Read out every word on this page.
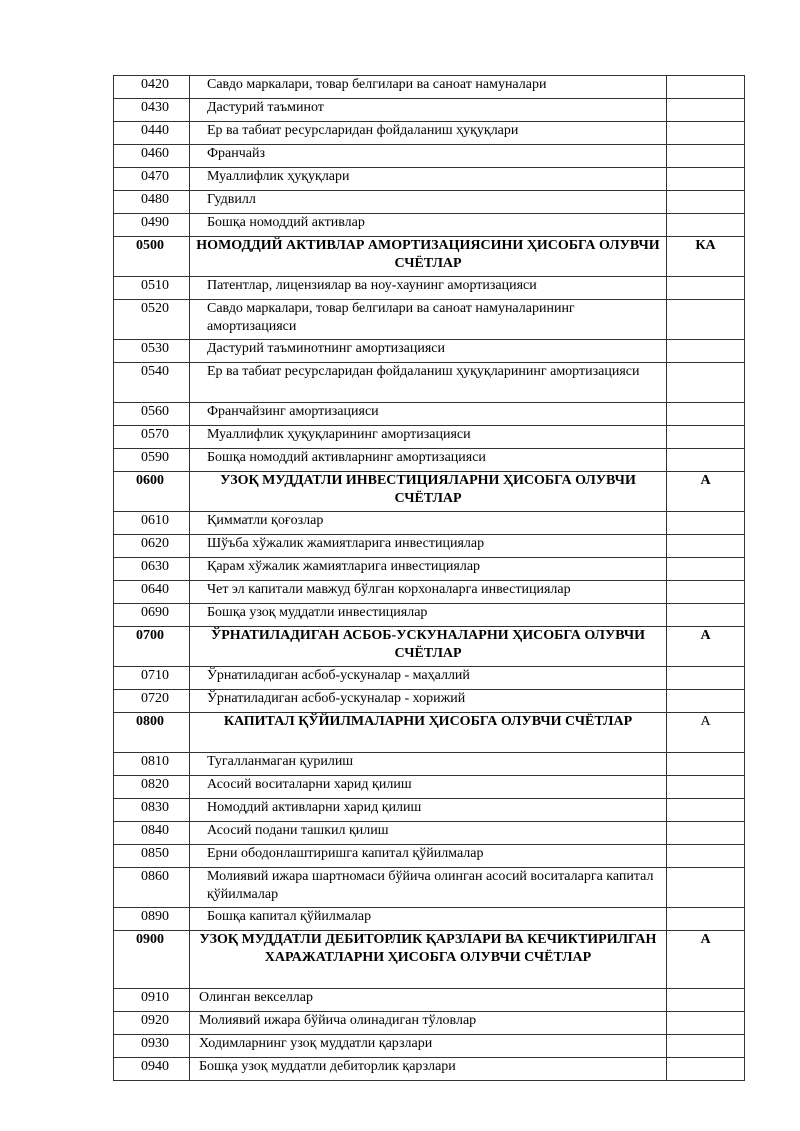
0420	Савдо маркалари, товар белгилари ва саноат намуналари	
0430	Дастурий таъминот	
0440	Ер ва табиат ресурсларидан фойдаланиш ҳуқуқлари	
0460	Франчайз	
0470	Муаллифлик ҳуқуқлари	
0480	Гудвилл	
0490	Бошқа номоддий активлар	
0500	НОМОДДИЙ АКТИВЛАР АМОРТИЗАЦИЯСИНИ ҲИСОБГА ОЛУВЧИ СЧЁТЛАР	КА
0510	Патентлар, лицензиялар ва ноу-хаунинг амортизацияси	
0520	Савдо маркалари, товар белгилари ва саноат намуналарининг амортизацияси	
0530	Дастурий таъминотнинг амортизацияси	
0540	Ер ва табиат ресурсларидан фойдаланиш ҳуқуқларининг амортизацияси	
0560	Франчайзинг амортизацияси	
0570	Муаллифлик ҳуқуқларининг амортизацияси	
0590	Бошқа номоддий активларнинг амортизацияси	
0600	УЗОҚ МУДДАТЛИ ИНВЕСТИЦИЯЛАРНИ ҲИСОБГА ОЛУВЧИ СЧЁТЛАР	А
0610	Қимматли қоғозлар	
0620	Шўъба хўжалик жамиятларига инвестициялар	
0630	Қарам хўжалик жамиятларига инвестициялар	
0640	Чет эл капитали мавжуд бўлган корхоналарга инвестициялар	
0690	Бошқа узоқ муддатли инвестициялар	
0700	ЎРНАТИЛАДИГАН АСБОБ-УСКУНАЛАРНИ ҲИСОБГА ОЛУВЧИ СЧЁТЛАР	А
0710	Ўрнатиладиган асбоб-ускуналар - маҳаллий	
0720	Ўрнатиладиган асбоб-ускуналар - хорижий	
0800	КАПИТАЛ ҚЎЙИЛМАЛАРНИ ҲИСОБГА ОЛУВЧИ СЧЁТЛАР	А
0810	Тугалланмаган қурилиш	
0820	Асосий воситаларни харид қилиш	
0830	Номоддий активларни харид қилиш	
0840	Асосий подани ташкил қилиш	
0850	Ерни ободонлаштиришга капитал қўйилмалар	
0860	Молиявий ижара шартномаси бўйича олинган асосий воситаларга капитал қўйилмалар	
0890	Бошқа капитал қўйилмалар	
0900	УЗОҚ МУДДАТЛИ ДЕБИТОРЛИК ҚАРЗЛАРИ ВА КЕЧИКТИРИЛГАН ХАРАЖАТЛАРНИ ҲИСОБГА ОЛУВЧИ СЧЁТЛАР	А
0910	Олинган векселлар	
0920	Молиявий ижара бўйича олинадиган тўловлар	
0930	Ходимларнинг узоқ муддатли қарзлари	
0940	Бошқа узоқ муддатли дебиторлик қарзлари	
